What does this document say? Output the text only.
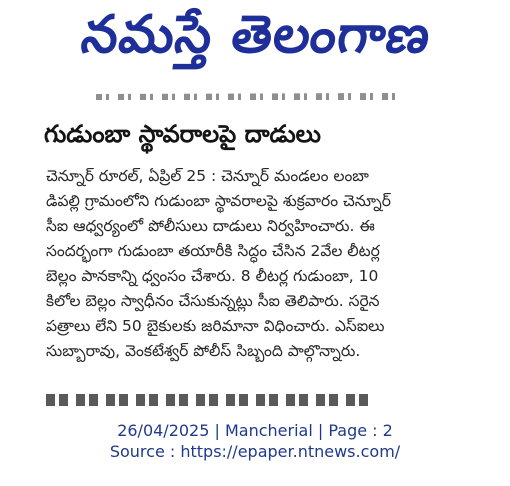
నమస్తే తెలంగాణ
గుడుంబా స్థావరాలపై దాడులు
చెన్నూర్ రూరల్, ఏప్రిల్ 25 : చెన్నూర్ మండలం లంబా
డిపల్లి గ్రామంలోని గుడుంబా స్థావరాలపై శుక్రవారం చెన్నూర్
సీఐ ఆధ్వర్యంలో పోలీసులు దాడులు నిర్వహించారు. ఈ
సందర్భంగా గుడుంబా తయారీకి సిద్ధం చేసిన 2వేల లీటర్ల
బెల్లం పానకాన్ని ధ్వంసం చేశారు. 8 లీటర్ల గుడుంబా, 10
కిలోల బెల్లం స్వాధీనం చేసుకున్నట్లు సీఐ తెలిపారు. సరైన
పత్రాలు లేని 50 బైకులకు జరిమానా విధించారు. ఎస్ఐలు
సుబ్బారావు, వెంకటేశ్వర్ పోలీస్ సిబ్బంది పాల్గొన్నారు.
26/04/2025 | Mancherial | Page : 2
Source : https://epaper.ntnews.com/
